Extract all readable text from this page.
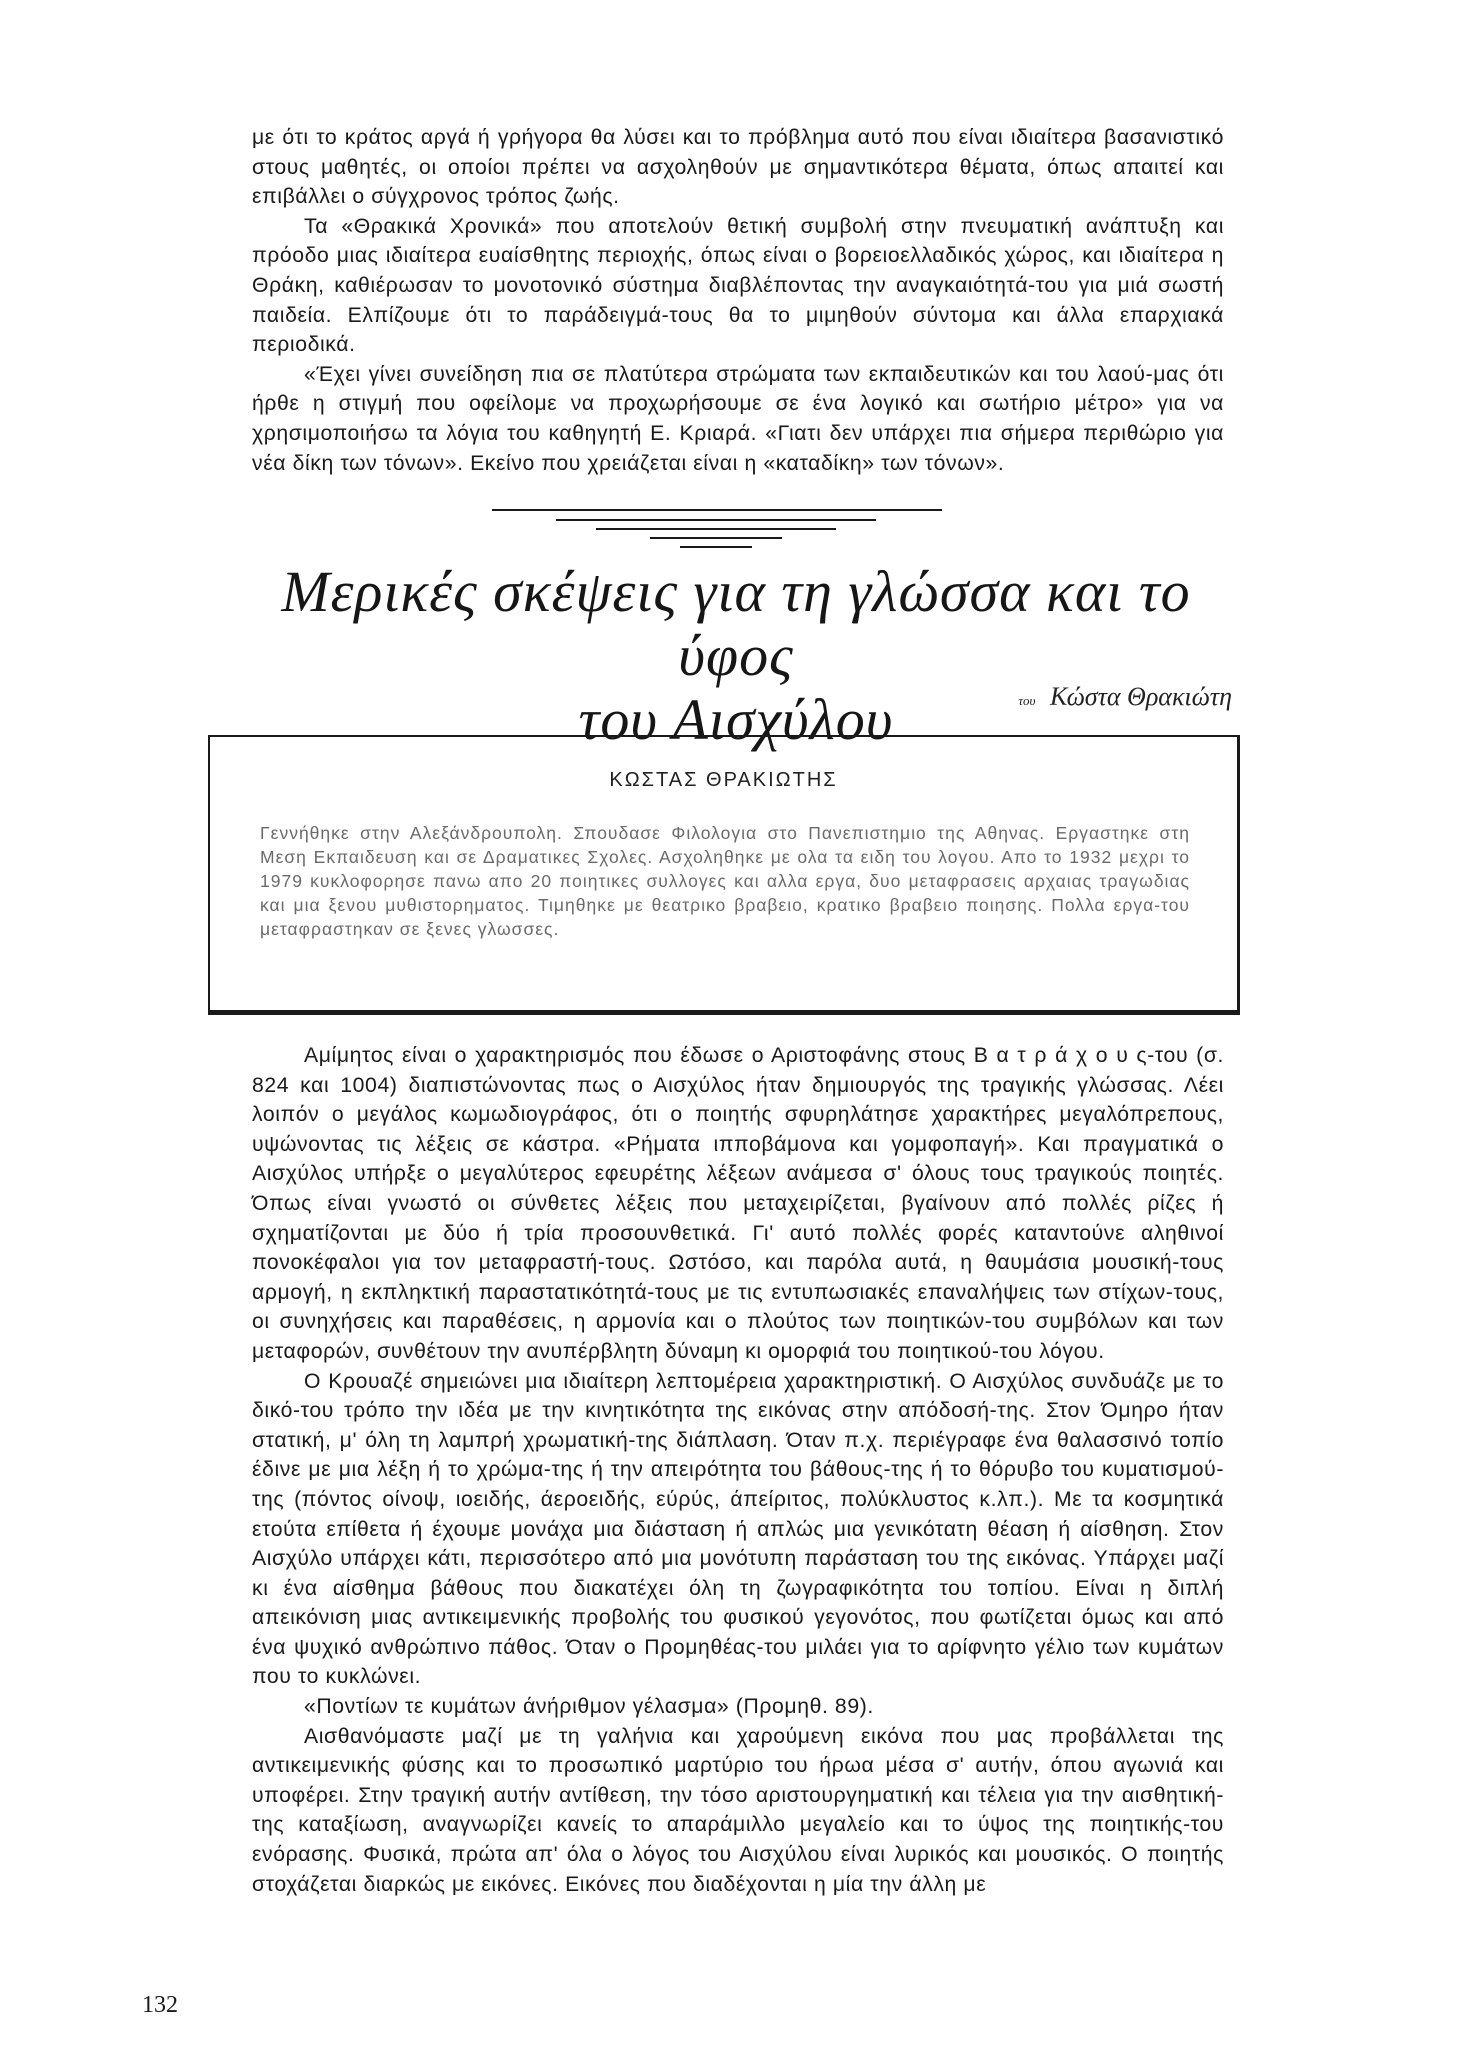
με ότι το κράτος αργά ή γρήγορα θα λύσει και το πρόβλημα αυτό που είναι ιδιαίτερα βασανιστικό στους μαθητές, οι οποίοι πρέπει να ασχοληθούν με σημαντικότερα θέματα, όπως απαιτεί και επιβάλλει ο σύγχρονος τρόπος ζωής.

Τα «Θρακικά Χρονικά» που αποτελούν θετική συμβολή στην πνευματική ανάπτυξη και πρόοδο μιας ιδιαίτερα ευαίσθητης περιοχής, όπως είναι ο βορειοελλαδικός χώρος, και ιδιαίτερα η Θράκη, καθιέρωσαν το μονοτονικό σύστημα διαβλέποντας την αναγκαιότητά-του για μιά σωστή παιδεία. Ελπίζουμε ότι το παράδειγμά-τους θα το μιμηθούν σύντομα και άλλα επαρχιακά περιοδικά.

«Έχει γίνει συνείδηση πια σε πλατύτερα στρώματα των εκπαιδευτικών και του λαού-μας ότι ήρθε η στιγμή που οφείλομε να προχωρήσουμε σε ένα λογικό και σωτήριο μέτρο» για να χρησιμοποιήσω τα λόγια του καθηγητή Ε. Κριαρά. «Γιατι δεν υπάρχει πια σήμερα περιθώριο για νέα δίκη των τόνων». Εκείνο που χρειάζεται είναι η «καταδίκη» των τόνων».

Μερικές σκέψεις για τη γλώσσα και το ύφος
του Αισχύλου	του Κώστα Θρακιώτη
ΚΩΣΤΑΣ ΘΡΑΚΙΩΤΗΣ
Γεννήθηκε στην Αλεξάνδρουπολη. Σπουδασε Φιλολογια στο Πανεπιστημιο της Αθηνας. Εργαστηκε στη Μεση Εκπαιδευση και σε Δραματικες Σχολες. Ασχοληθηκε με ολα τα ειδη του λογου. Απο το 1932 μεχρι το 1979 κυκλοφορησε πανω απο 20 ποιητικες συλλογες και αλλα εργα, δυο μεταφρασεις αρχαιας τραγωδιας και μια ξενου μυθιστορηματος. Τιμηθηκε με θεατρικο βραβειο, κρατικο βραβειο ποιησης. Πολλα εργα-του μεταφραστηκαν σε ξενες γλωσσες.

Αμίμητος είναι ο χαρακτηρισμός που έδωσε ο Αριστοφάνης στους Β α τ ρ ά χ ο υ ς-του (σ. 824 και 1004) διαπιστώνοντας πως ο Αισχύλος ήταν δημιουργός της τραγικής γλώσσας. Λέει λοιπόν ο μεγάλος κωμωδιογράφος, ότι ο ποιητής σφυρηλάτησε χαρακτήρες μεγαλόπρεπους, υψώνοντας τις λέξεις σε κάστρα. «Ρήματα ιπποβάμονα και γομφοπαγή». Και πραγματικά ο Αισχύλος υπήρξε ο μεγαλύτερος εφευρέτης λέξεων ανάμεσα σ' όλους τους τραγικούς ποιητές. Όπως είναι γνωστό οι σύνθετες λέξεις που μεταχειρίζεται, βγαίνουν από πολλές ρίζες ή σχηματίζονται με δύο ή τρία προσουνθετικά. Γι' αυτό πολλές φορές καταντούνε αληθινοί πονοκέφαλοι για τον μεταφραστή-τους. Ωστόσο, και παρόλα αυτά, η θαυμάσια μουσική-τους αρμογή, η εκπληκτική παραστατικότητά-τους με τις εντυπωσιακές επαναλήψεις των στίχων-τους, οι συνηχήσεις και παραθέσεις, η αρμονία και ο πλούτος των ποιητικών-του συμβόλων και των μεταφορών, συνθέτουν την ανυπέρβλητη δύναμη κι ομορφιά του ποιητικού-του λόγου.

Ο Κρουαζέ σημειώνει μια ιδιαίτερη λεπτομέρεια χαρακτηριστική. Ο Αισχύλος συνδυάζε με το δικό-του τρόπο την ιδέα με την κινητικότητα της εικόνας στην απόδοσή-της. Στον Όμηρο ήταν στατική, μ' όλη τη λαμπρή χρωματική-της διάπλαση. Όταν π.χ. περιέγραφε ένα θαλασσινό τοπίο έδινε με μια λέξη ή το χρώμα-της ή την απειρότητα του βάθους-της ή το θόρυβο του κυματισμού-της (πόντος οίνοψ, ιοειδής, άεροειδής, εύρύς, άπείριτος, πολύκλυστος κ.λπ.). Με τα κοσμητικά ετούτα επίθετα ή έχουμε μονάχα μια διάσταση ή απλώς μια γενικότατη θέαση ή αίσθηση. Στον Αισχύλο υπάρχει κάτι, περισσότερο από μια μονότυπη παράσταση του της εικόνας. Υπάρχει μαζί κι ένα αίσθημα βάθους που διακατέχει όλη τη ζωγραφικότητα του τοπίου. Είναι η διπλή απεικόνιση μιας αντικειμενικής προβολής του φυσικού γεγονότος, που φωτίζεται όμως και από ένα ψυχικό ανθρώπινο πάθος. Όταν ο Προμηθέας-του μιλάει για το αρίφνητο γέλιο των κυμάτων που το κυκλώνει.

«Ποντίων τε κυμάτων άνήριθμον γέλασμα» (Προμηθ. 89).

Αισθανόμαστε μαζί με τη γαλήνια και χαρούμενη εικόνα που μας προβάλλεται της αντικειμενικής φύσης και το προσωπικό μαρτύριο του ήρωα μέσα σ' αυτήν, όπου αγωνιά και υποφέρει. Στην τραγική αυτήν αντίθεση, την τόσο αριστουργηματική και τέλεια για την αισθητική-της καταξίωση, αναγνωρίζει κανείς το απαράμιλλο μεγαλείο και το ύψος της ποιητικής-του ενόρασης. Φυσικά, πρώτα απ' όλα ο λόγος του Αισχύλου είναι λυρικός και μουσικός. Ο ποιητής στοχάζεται διαρκώς με εικόνες. Εικόνες που διαδέχονται η μία την άλλη με

132
